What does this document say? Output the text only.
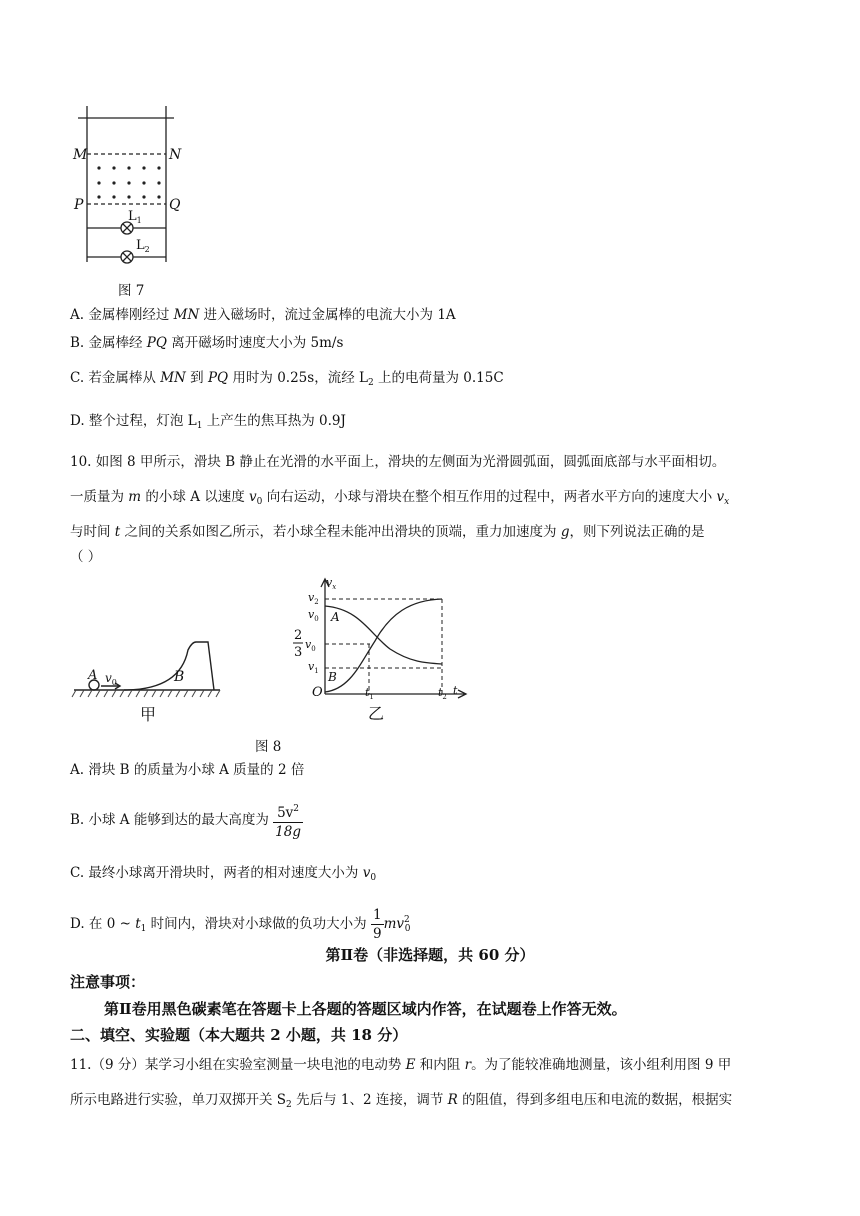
M	N
P	Q
$L_1$
$L_2$
图 7
A. 金属棒刚经过 MN 进入磁场时，流过金属棒的电流大小为 1A
B. 金属棒经 PQ 离开磁场时速度大小为 5m/s
C. 若金属棒从 MN 到 PQ 用时为 0.25s，流经 $L_2$ 上的电荷量为 0.15C
D. 整个过程，灯泡 $L_1$ 上产生的焦耳热为 0.9J
10. 如图 8 甲所示，滑块 B 静止在光滑的水平面上，滑块的左侧面为光滑圆弧面，圆弧面底部与水平面相切。
一质量为 m 的小球 A 以速度 $v_0$ 向右运动，小球与滑块在整个相互作用的过程中，两者水平方向的速度大小 $v_x$
与时间 t 之间的关系如图乙所示，若小球全程未能冲出滑块的顶端，重力加速度为 g，则下列说法正确的是
（ ）
A $v_0$	B
甲
$v_x$
$v_2$
$v_0$
2
3
$v_0$
$v_1$
A
B
O	$t_1$	$t_2$ t
乙
图 8
A. 滑块 B 的质量为小球 A 质量的 2 倍
B. 小球 A 能够到达的最大高度为 $\frac{5v^2}{18g}$
C. 最终小球离开滑块时，两者的相对速度大小为 $v_0$
D. 在 0 ~ $t_1$ 时间内，滑块对小球做的负功大小为 $\frac{1}{9} mv^2_0$
第Ⅱ卷（非选择题，共 60 分）
注意事项：
第Ⅱ卷用黑色碳素笔在答题卡上各题的答题区域内作答，在试题卷上作答无效。
二、填空、实验题（本大题共 2 小题，共 18 分）
11.（9 分）某学习小组在实验室测量一块电池的电动势 E 和内阻 r。为了能较准确地测量，该小组利用图 9 甲
所示电路进行实验，单刀双掷开关 $S_2$ 先后与 1、2 连接，调节 R 的阻值，得到多组电压和电流的数据，根据实
